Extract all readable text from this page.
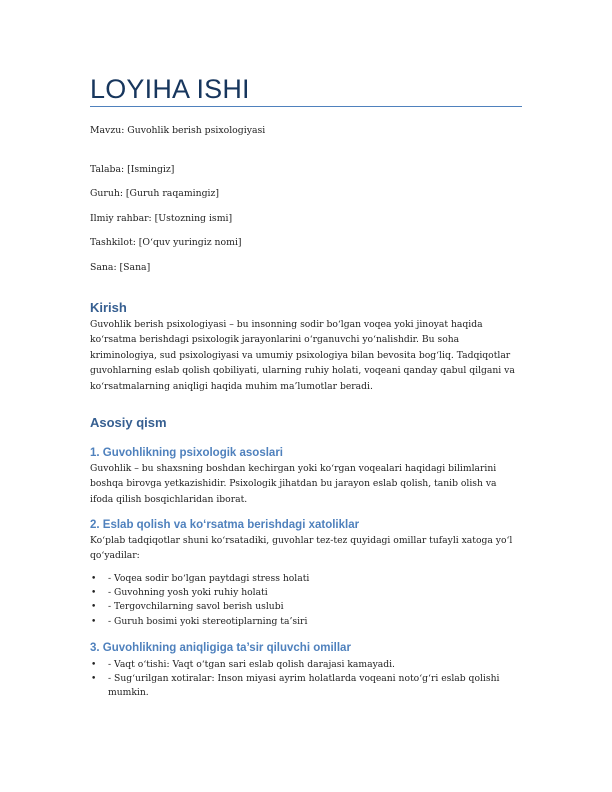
LOYIHA ISHI
Mavzu: Guvohlik berish psixologiyasi
Talaba: [Ismingiz]
Guruh: [Guruh raqamingiz]
Ilmiy rahbar: [Ustozning ismi]
Tashkilot: [O‘quv yuringiz nomi]
Sana: [Sana]
Kirish
Guvohlik berish psixologiyasi – bu insonning sodir bo‘lgan voqea yoki jinoyat haqida ko‘rsatma berishdagi psixologik jarayonlarini o‘rganuvchi yo‘nalishdir. Bu soha kriminologiya, sud psixologiyasi va umumiy psixologiya bilan bevosita bog‘liq. Tadqiqotlar guvohlarning eslab qolish qobiliyati, ularning ruhiy holati, voqeani qanday qabul qilgani va ko‘rsatmalarning aniqligi haqida muhim ma’lumotlar beradi.
Asosiy qism
1. Guvohlikning psixologik asoslari
Guvohlik – bu shaxsning boshdan kechirgan yoki ko‘rgan voqealari haqidagi bilimlarini boshqa birovga yetkazishidir. Psixologik jihatdan bu jarayon eslab qolish, tanib olish va ifoda qilish bosqichlaridan iborat.
2. Eslab qolish va ko‘rsatma berishdagi xatoliklar
Ko‘plab tadqiqotlar shuni ko‘rsatadiki, guvohlar tez-tez quyidagi omillar tufayli xatoga yo‘l qo‘yadilar:
• - Voqea sodir bo‘lgan paytdagi stress holati
• - Guvohning yosh yoki ruhiy holati
• - Tergovchilarning savol berish uslubi
• - Guruh bosimi yoki stereotiplarning ta’siri
3. Guvohlikning aniqligiga ta’sir qiluvchi omillar
• - Vaqt o‘tishi: Vaqt o‘tgan sari eslab qolish darajasi kamayadi.
• - Sug‘urilgan xotiralar: Inson miyasi ayrim holatlarda voqeani noto‘g‘ri eslab qolishi mumkin.
